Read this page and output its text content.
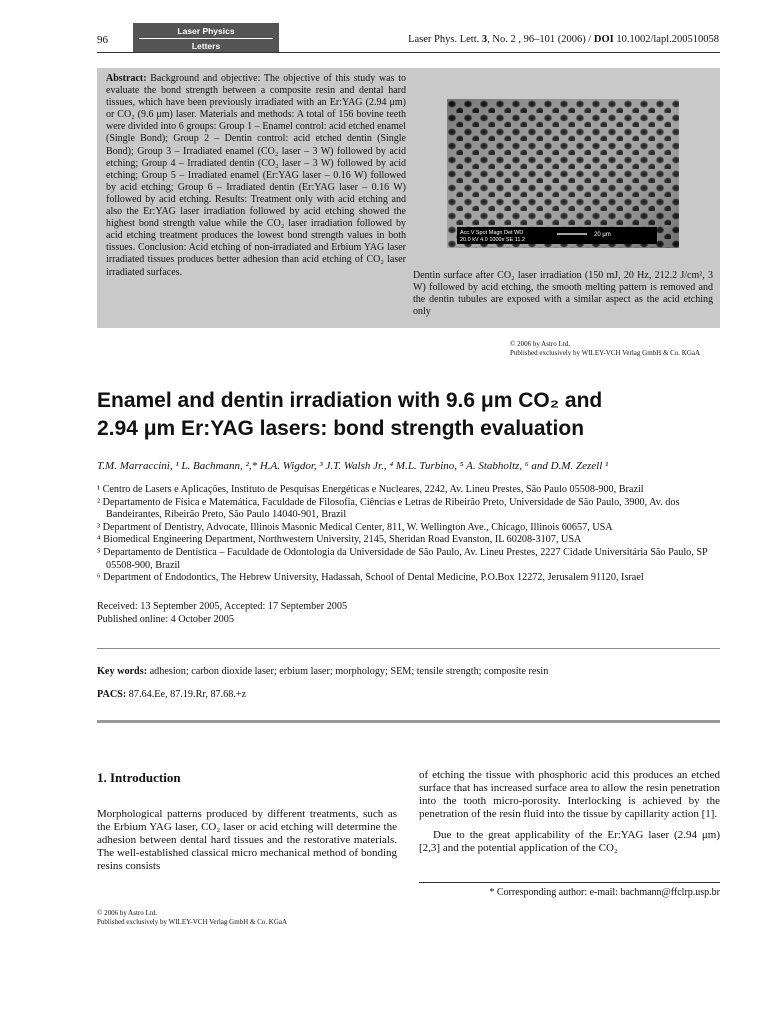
96
Laser Physics
Letters
Laser Phys. Lett. 3, No. 2 , 96–101 (2006) / DOI 10.1002/lapl.200510058
Abstract: Background and objective: The objective of this study was to evaluate the bond strength between a composite resin and dental hard tissues, which have been previously irradiated with an Er:YAG (2.94 μm) or CO₂ (9.6 μm) laser. Materials and methods: A total of 156 bovine teeth were divided into 6 groups: Group 1 – Enamel control: acid etched enamel (Single Bond); Group 2 – Dentin control: acid etched dentin (Single Bond); Group 3 – Irradiated enamel (CO₂ laser – 3 W) followed by acid etching; Group 4 – Irradiated dentin (CO₂ laser – 3 W) followed by acid etching; Group 5 – Irradiated enamel (Er:YAG laser – 0.16 W) followed by acid etching; Group 6 – Irradiated dentin (Er:YAG laser – 0.16 W) followed by acid etching. Results: Treatment only with acid etching and also the Er:YAG laser irradiation followed by acid etching showed the highest bond strength value while the CO₂ laser irradiation followed by acid etching treatment produces the lowest bond strength values in both tissues. Conclusion: Acid etching of non-irradiated and Erbium YAG laser irradiated tissues produces better adhesion than acid etching of CO₂ laser irradiated surfaces.
Acc.V Spot Magn Det WD
20.0 kV 4.0 1000x SE 11.2
20 μm
Dentin surface after CO₂ laser irradiation (150 mJ, 20 Hz, 212.2 J/cm², 3 W) followed by acid etching, the smooth melting pattern is removed and the dentin tubules are exposed with a similar aspect as the acid etching only
© 2006 by Astro Ltd.
Published exclusively by WILEY-VCH Verlag GmbH & Co. KGaA
Enamel and dentin irradiation with 9.6 μm CO₂ and
2.94 μm Er:YAG lasers: bond strength evaluation
T.M. Marraccini, ¹ L. Bachmann, ²,* H.A. Wigdor, ³ J.T. Walsh Jr., ⁴ M.L. Turbino, ⁵ A. Stabholtz, ⁶ and D.M. Zezell ¹
¹ Centro de Lasers e Aplicações, Instituto de Pesquisas Energéticas e Nucleares, 2242, Av. Lineu Prestes, São Paulo 05508-900, Brazil
² Departamento de Física e Matemática, Faculdade de Filosofia, Ciências e Letras de Ribeirão Preto, Universidade de São Paulo, 3900, Av. dos Bandeirantes, Ribeirão Preto, São Paulo 14040-901, Brazil
³ Department of Dentistry, Advocate, Illinois Masonic Medical Center, 811, W. Wellington Ave., Chicago, Illinois 60657, USA
⁴ Biomedical Engineering Department, Northwestern University, 2145, Sheridan Road Evanston, IL 60208-3107, USA
⁵ Departamento de Dentística – Faculdade de Odontologia da Universidade de São Paulo, Av. Lineu Prestes, 2227 Cidade Universitária São Paulo, SP 05508-900, Brazil
⁶ Department of Endodontics, The Hebrew University, Hadassah, School of Dental Medicine, P.O.Box 12272, Jerusalem 91120, Israel
Received: 13 September 2005, Accepted: 17 September 2005
Published online: 4 October 2005
Key words: adhesion; carbon dioxide laser; erbium laser; morphology; SEM; tensile strength; composite resin
PACS: 87.64.Ee, 87.19.Rr, 87.68.+z
1. Introduction

Morphological patterns produced by different treatments, such as the Erbium YAG laser, CO₂ laser or acid etching will determine the adhesion between dental hard tissues and the restorative materials. The well-established classical micro mechanical method of bonding resins consists

of etching the tissue with phosphoric acid this produces an etched surface that has increased surface area to allow the resin penetration into the tooth micro-porosity. Interlocking is achieved by the penetration of the resin fluid into the tissue by capillarity action [1].

Due to the great applicability of the Er:YAG laser (2.94 μm) [2,3] and the potential application of the CO₂

* Corresponding author: e-mail: bachmann@ffclrp.usp.br
© 2006 by Astro Ltd.
Published exclusively by WILEY-VCH Verlag GmbH & Co. KGaA
